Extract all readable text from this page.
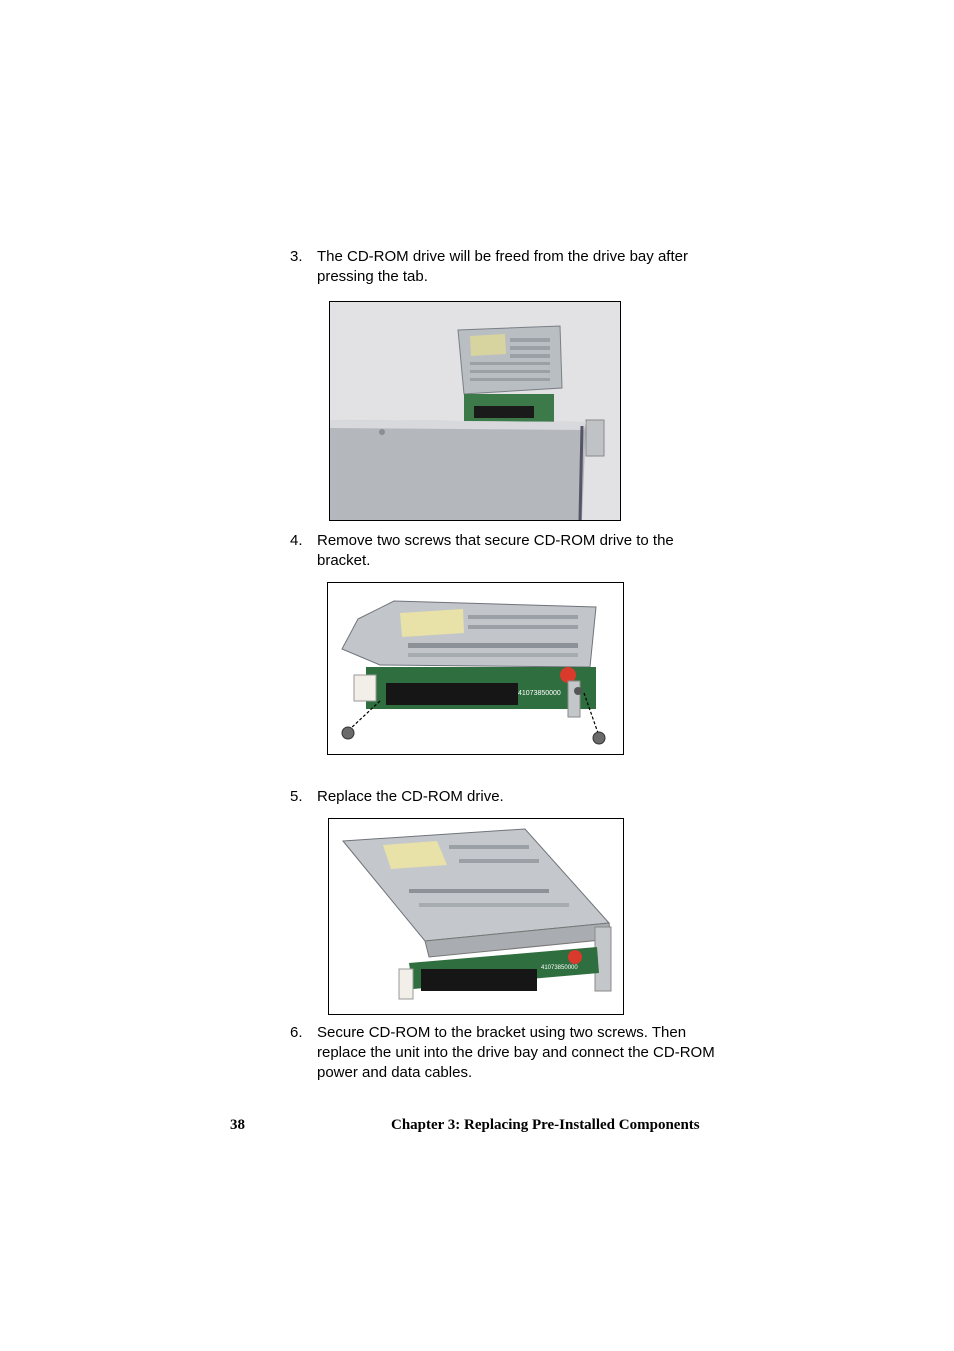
3. The CD-ROM drive will be freed from the drive bay after pressing the tab.
4. Remove two screws that secure CD-ROM drive to the bracket.
41073850000
5. Replace the CD-ROM drive.
41073850000
6. Secure CD-ROM to the bracket using two screws. Then replace the unit into the drive bay and connect the CD-ROM power and data cables.
38	Chapter 3: Replacing Pre-Installed Components
